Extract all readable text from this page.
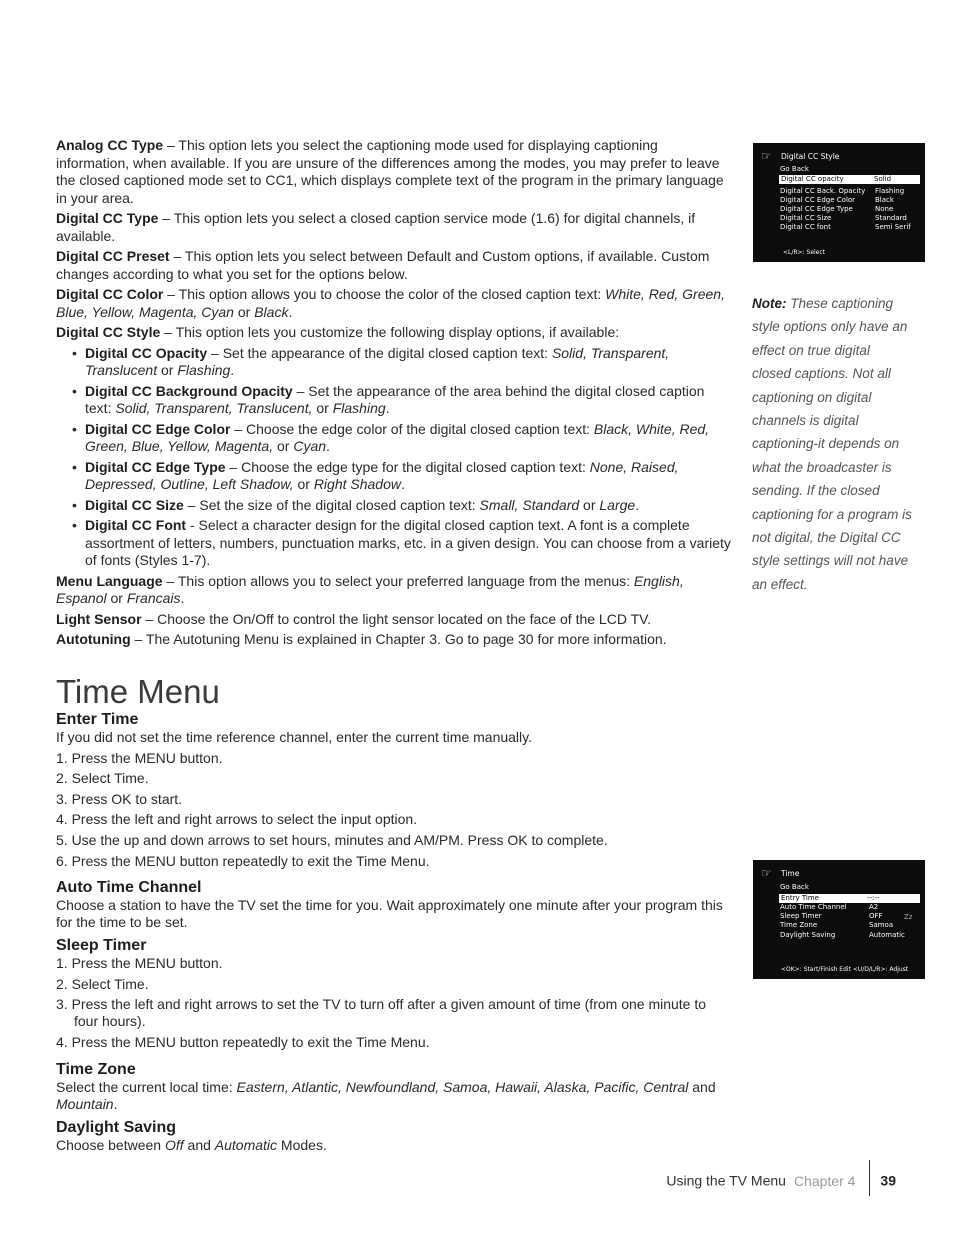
Analog CC Type – This option lets you select the captioning mode used for displaying captioning information, when available. If you are unsure of the differences among the modes, you may prefer to leave the closed captioned mode set to CC1, which displays complete text of the program in the primary language in your area.

Digital CC Type – This option lets you select a closed caption service mode (1.6) for digital channels, if available.

Digital CC Preset – This option lets you select between Default and Custom options, if available. Custom changes according to what you set for the options below.

Digital CC Color – This option allows you to choose the color of the closed caption text: White, Red, Green, Blue, Yellow, Magenta, Cyan or Black.

Digital CC Style – This option lets you customize the following display options, if available:

• Digital CC Opacity – Set the appearance of the digital closed caption text: Solid, Transparent, Translucent or Flashing.
• Digital CC Background Opacity – Set the appearance of the area behind the digital closed caption text: Solid, Transparent, Translucent, or Flashing.
• Digital CC Edge Color – Choose the edge color of the digital closed caption text: Black, White, Red, Green, Blue, Yellow, Magenta, or Cyan.
• Digital CC Edge Type – Choose the edge type for the digital closed caption text: None, Raised, Depressed, Outline, Left Shadow, or Right Shadow.
• Digital CC Size – Set the size of the digital closed caption text: Small, Standard or Large.
• Digital CC Font - Select a character design for the digital closed caption text. A font is a complete assortment of letters, numbers, punctuation marks, etc. in a given design. You can choose from a variety of fonts (Styles 1-7).

Menu Language – This option allows you to select your preferred language from the menus: English, Espanol or Francais.

Light Sensor – Choose the On/Off to control the light sensor located on the face of the LCD TV.

Autotuning – The Autotuning Menu is explained in Chapter 3. Go to page 30 for more information.

Time Menu
Enter Time

If you did not set the time reference channel, enter the current time manually.

1. Press the MENU button.

2. Select Time.

3. Press OK to start.

4. Press the left and right arrows to select the input option.

5. Use the up and down arrows to set hours, minutes and AM/PM. Press OK to complete.

6. Press the MENU button repeatedly to exit the Time Menu.

Auto Time Channel

Choose a station to have the TV set the time for you. Wait approximately one minute after your program this for the time to be set.

Sleep Timer

1. Press the MENU button.

2. Select Time.

3. Press the left and right arrows to set the TV to turn off after a given amount of time (from one minute to four hours).

4. Press the MENU button repeatedly to exit the Time Menu.

Time Zone

Select the current local time: Eastern, Atlantic, Newfoundland, Samoa, Hawaii, Alaska, Pacific, Central and Mountain.

Daylight Saving

Choose between Off and Automatic Modes.

☞ Digital CC Style
Go Back
Digital CC opacity	Solid
Digital CC Back. Opacity Flashing
Digital CC Edge Color	Black
Digital CC Edge Type	None
Digital CC Size	Standard
Digital CC font	Semi Serif
<L/R>: Select
Note: These captioning style options only have an effect on true digital closed captions. Not all captioning on digital channels is digital captioning-it depends on what the broadcaster is sending. If the closed captioning for a program is not digital, the Digital CC style settings will not have an effect.
☞ Time
Go Back
Entry Time	--:--
Auto Time Channel	A2
Sleep Timer	OFF	Zz
Time Zone	Samoa
Daylight Saving	Automatic
<OK>: Start/Finish Edit <U/D/L/R>: Adjust
Using the TV Menu Chapter 4 39
